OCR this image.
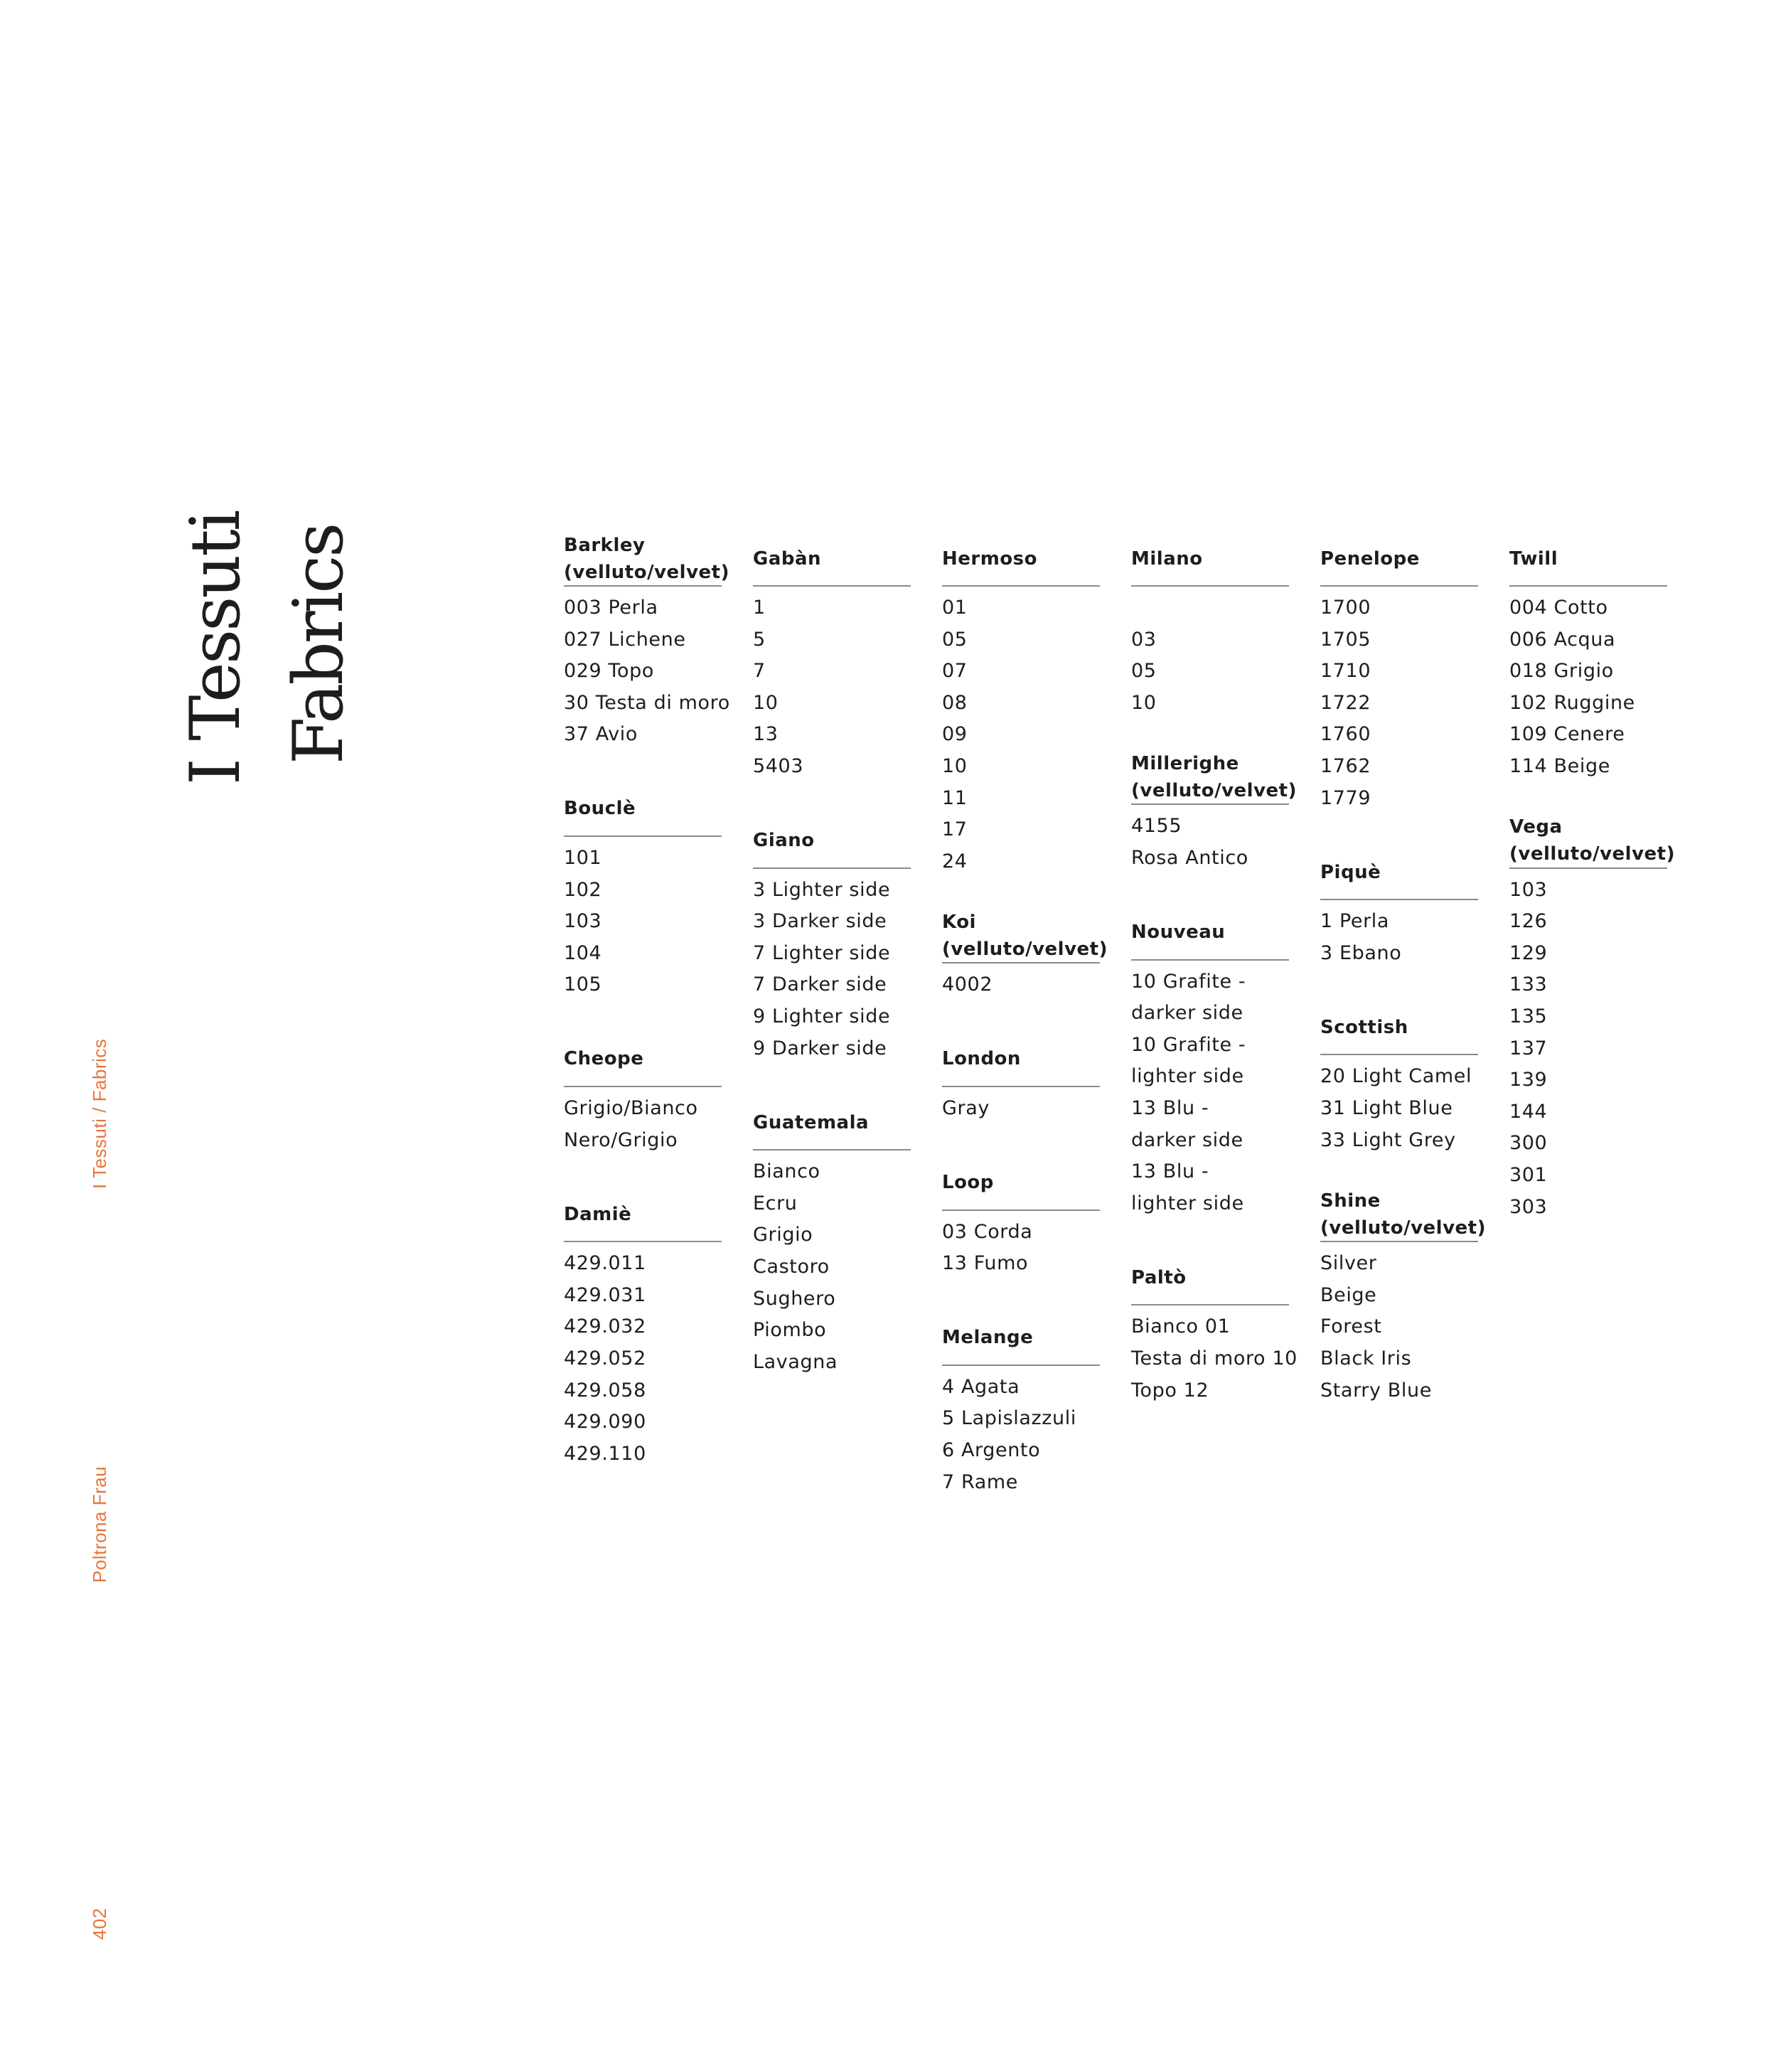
I Tessuti / Fabrics
Poltrona Frau
402
I Tessuti Fabrics	Barkley
(velluto/velvet)
003 Perla
027 Lichene
029 Topo
30 Testa di moro
37 Avio
Bouclè
101
102
103
104
105
Cheope
Grigio/Bianco
Nero/Grigio
Damiè
429.011
429.031
429.032
429.052
429.058
429.090
429.110
Gabàn
1
5
7
10
13
5403
Giano
3 Lighter side
3 Darker side
7 Lighter side
7 Darker side
9 Lighter side
9 Darker side
Guatemala
Bianco
Ecru
Grigio
Castoro
Sughero
Piombo
Lavagna
Hermoso
01
05
07
08
09
10
11
17
24
Koi
(velluto/velvet)
4002
London
Gray
Loop
03 Corda
13 Fumo
Melange
4 Agata
5 Lapislazzuli
6 Argento
7 Rame
Milano
03
05
10
Millerighe
(velluto/velvet)
4155
Rosa Antico
Nouveau
10 Grafite -
darker side
10 Grafite -
lighter side
13 Blu -
darker side
13 Blu -
lighter side
Paltò
Bianco 01
Testa di moro 10
Topo 12
Penelope
1700
1705
1710
1722
1760
1762
1779
Piquè
1 Perla
3 Ebano
Scottish
20 Light Camel
31 Light Blue
33 Light Grey
Shine
(velluto/velvet)
Silver
Beige
Forest
Black Iris
Starry Blue
Twill
004 Cotto
006 Acqua
018 Grigio
102 Ruggine
109 Cenere
114 Beige
Vega
(velluto/velvet)
103
126
129
133
135
137
139
144
300
301
303
